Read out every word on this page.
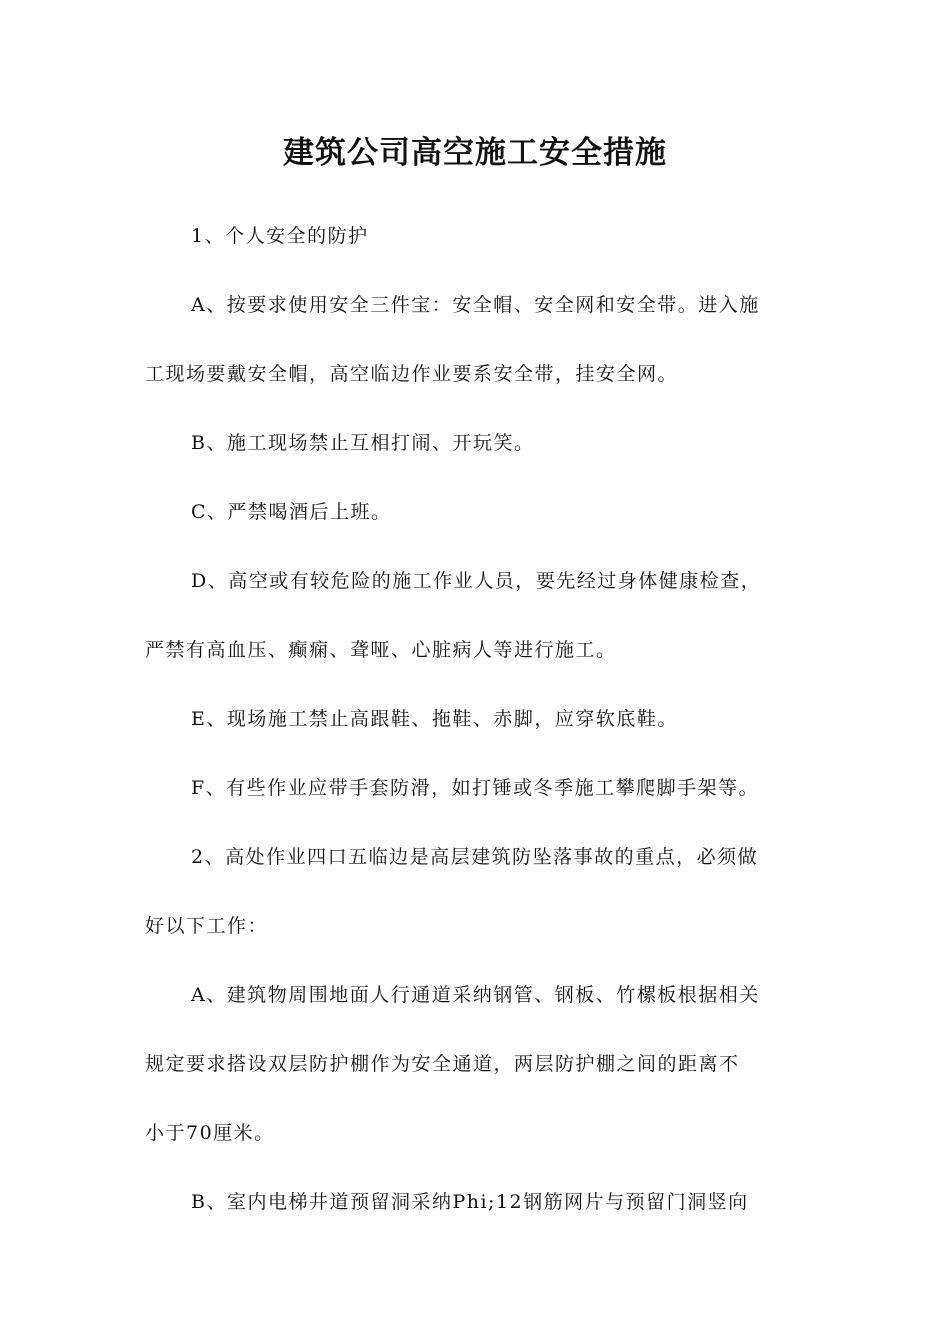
建筑公司高空施工安全措施
1、个人安全的防护
A、按要求使用安全三件宝：安全帽、安全网和安全带。进入施
工现场要戴安全帽，高空临边作业要系安全带，挂安全网。
B、施工现场禁止互相打闹、开玩笑。
C、严禁喝酒后上班。
D、高空或有较危险的施工作业人员，要先经过身体健康检查，
严禁有高血压、癫痫、聋哑、心脏病人等进行施工。
E、现场施工禁止高跟鞋、拖鞋、赤脚，应穿软底鞋。
F、有些作业应带手套防滑，如打锤或冬季施工攀爬脚手架等。
2、高处作业四口五临边是高层建筑防坠落事故的重点，必须做
好以下工作：
A、建筑物周围地面人行通道采纳钢管、钢板、竹樏板根据相关
规定要求搭设双层防护棚作为安全通道，两层防护棚之间的距离不
小于70厘米。
B、室内电梯井道预留洞采纳Phi;12钢筋网片与预留门洞竖向
